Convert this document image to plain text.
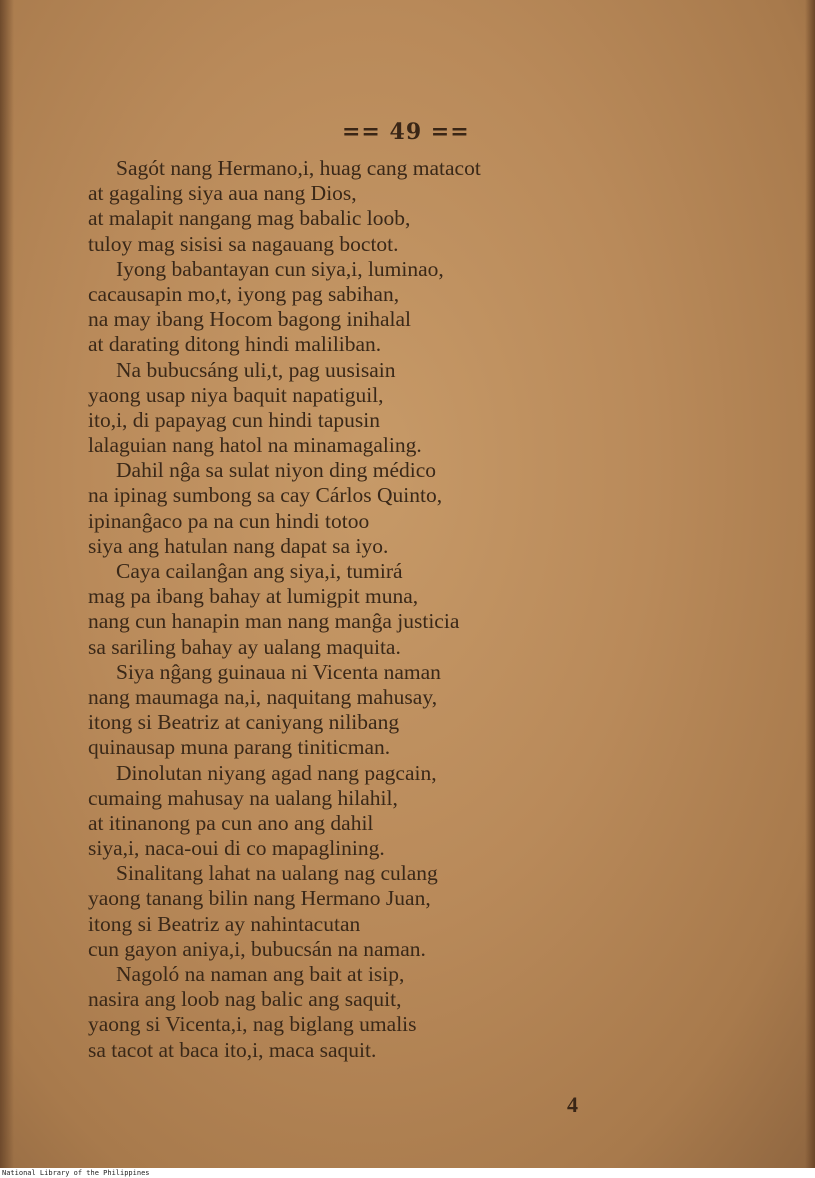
== 49 ==
Sagót nang Hermano,i, huag cang matacot
at gagaling siya aua nang Dios,
at malapit nangang mag babalic loob,
tuloy mag sisisi sa nagauang boctot.
Iyong babantayan cun siya,i, luminao,
cacausapin mo,t, iyong pag sabihan,
na may ibang Hocom bagong inihalal
at darating ditong hindi maliliban.
Na bubucsáng uli,t, pag uusisain
yaong usap niya baquit napatiguil,
ito,i, di papayag cun hindi tapusin
lalaguian nang hatol na minamagaling.
Dahil nĝa sa sulat niyon ding médico
na ipinag sumbong sa cay Cárlos Quinto,
ipinanĝaco pa na cun hindi totoo
siya ang hatulan nang dapat sa iyo.
Caya cailanĝan ang siya,i, tumirá
mag pa ibang bahay at lumigpit muna,
nang cun hanapin man nang manĝa justicia
sa sariling bahay ay ualang maquita.
Siya nĝang guinaua ni Vicenta naman
nang maumaga na,i, naquitang mahusay,
itong si Beatriz at caniyang nilibang
quinausap muna parang tiniticman.
Dinolutan niyang agad nang pagcain,
cumaing mahusay na ualang hilahil,
at itinanong pa cun ano ang dahil
siya,i, naca-oui di co mapaglining.
Sinalitang lahat na ualang nag culang
yaong tanang bilin nang Hermano Juan,
itong si Beatriz ay nahintacutan
cun gayon aniya,i, bubucsán na naman.
Nagoló na naman ang bait at isip,
nasira ang loob nag balic ang saquit,
yaong si Vicenta,i, nag biglang umalis
sa tacot at baca ito,i, maca saquit.
4
National Library of the Philippines
